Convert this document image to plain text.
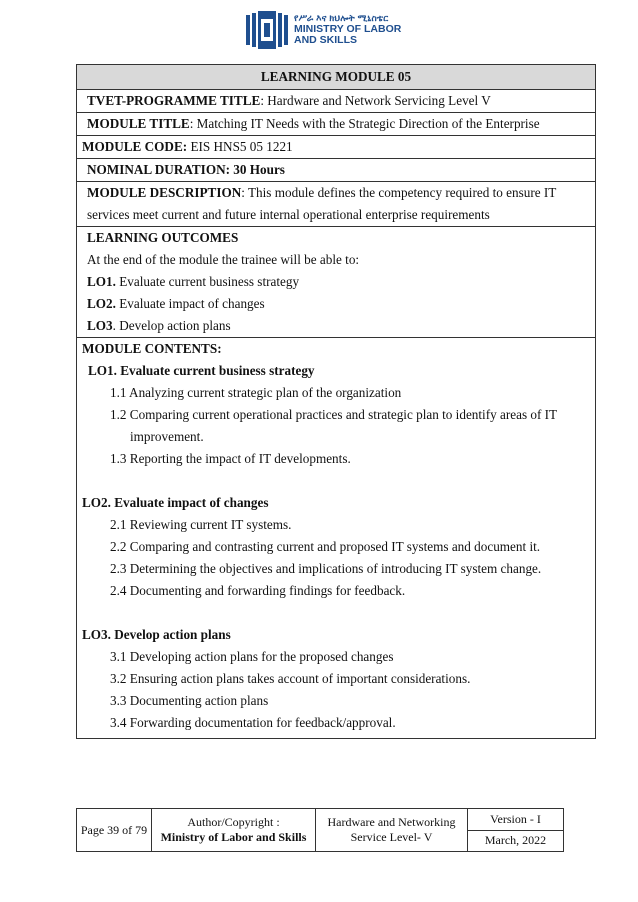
የሥራ እና ክህሎት ሚኒስቴር
MINISTRY OF LABOR
AND SKILLS
LEARNING MODULE 05
TVET-PROGRAMME TITLE: Hardware and Network Servicing Level V
MODULE TITLE: Matching IT Needs with the Strategic Direction of the Enterprise
MODULE CODE: EIS HNS5 05 1221
NOMINAL DURATION: 30 Hours
MODULE DESCRIPTION: This module defines the competency required to ensure IT
services meet current and future internal operational enterprise requirements
LEARNING OUTCOMES
At the end of the module the trainee will be able to:
LO1. Evaluate current business strategy
LO2. Evaluate impact of changes
LO3. Develop action plans
MODULE CONTENTS:
LO1. Evaluate current business strategy
1.1 Analyzing current strategic plan of the organization
1.2 Comparing current operational practices and strategic plan to identify areas of IT
improvement.
1.3 Reporting the impact of IT developments.
LO2. Evaluate impact of changes
2.1 Reviewing current IT systems.
2.2 Comparing and contrasting current and proposed IT systems and document it.
2.3 Determining the objectives and implications of introducing IT system change.
2.4 Documenting and forwarding findings for feedback.
LO3. Develop action plans
3.1 Developing action plans for the proposed changes
3.2 Ensuring action plans takes account of important considerations.
3.3 Documenting action plans
3.4 Forwarding documentation for feedback/approval.
Page 39 of 79
Author/Copyright :
Ministry of Labor and Skills
Hardware and Networking
Service Level- V
Version - I
March, 2022
